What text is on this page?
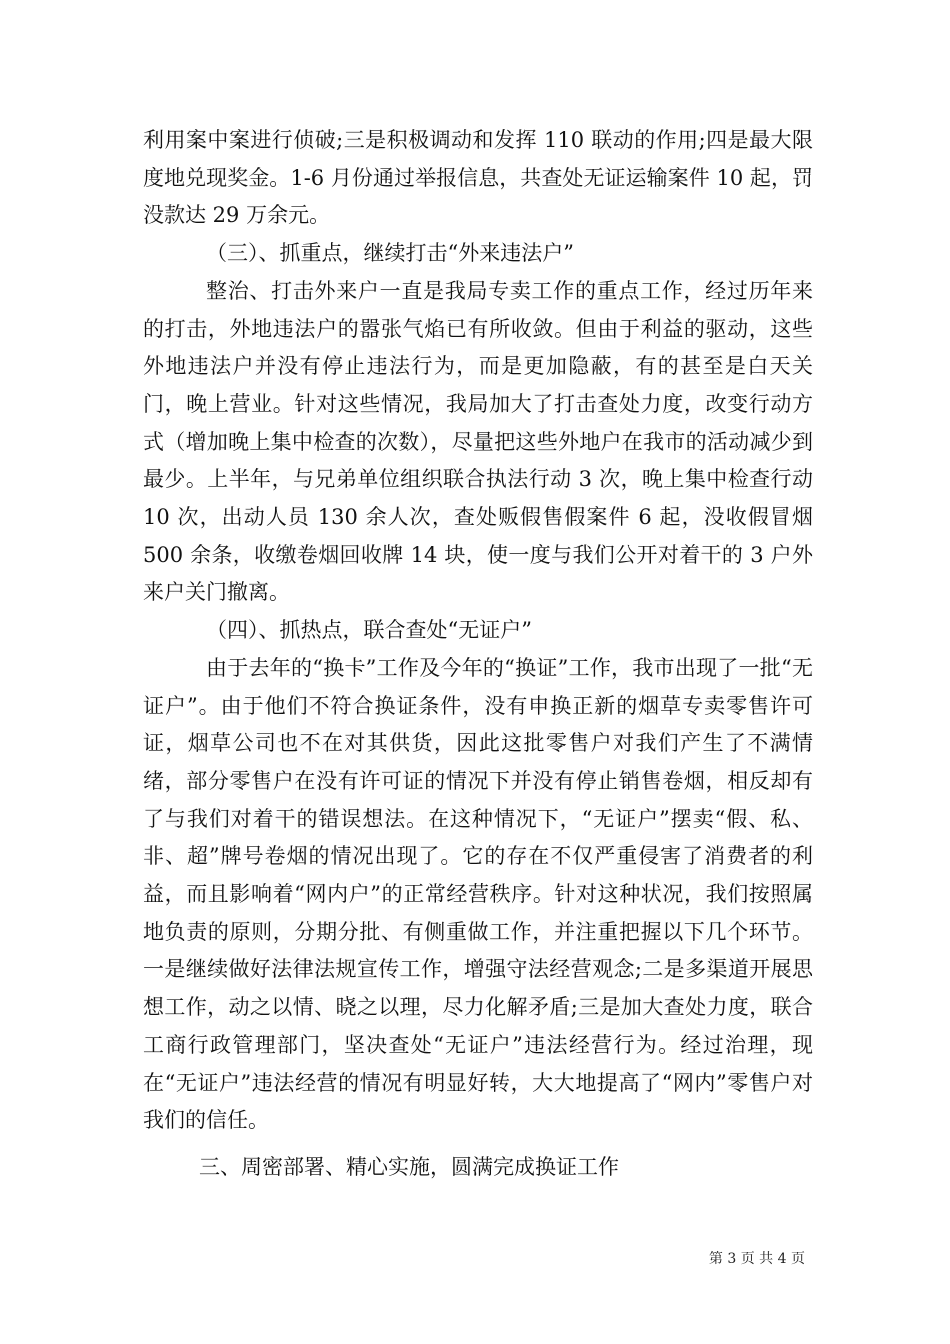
利用案中案进行侦破;三是积极调动和发挥 110 联动的作用;四是最大限度地兑现奖金。1-6 月份通过举报信息，共查处无证运输案件 10 起，罚没款达 29 万余元。

（三）、抓重点，继续打击“外来违法户”

整治、打击外来户一直是我局专卖工作的重点工作，经过历年来的打击，外地违法户的嚣张气焰已有所收敛。但由于利益的驱动，这些外地违法户并没有停止违法行为，而是更加隐蔽，有的甚至是白天关门，晚上营业。针对这些情况，我局加大了打击查处力度，改变行动方式（增加晚上集中检查的次数），尽量把这些外地户在我市的活动减少到最少。上半年，与兄弟单位组织联合执法行动 3 次，晚上集中检查行动 10 次，出动人员 130 余人次，查处贩假售假案件 6 起，没收假冒烟 500 余条，收缴卷烟回收牌 14 块，使一度与我们公开对着干的 3 户外来户关门撤离。

（四）、抓热点，联合查处“无证户”

由于去年的“换卡”工作及今年的“换证”工作，我市出现了一批“无证户”。由于他们不符合换证条件，没有申换正新的烟草专卖零售许可证，烟草公司也不在对其供货，因此这批零售户对我们产生了不满情绪，部分零售户在没有许可证的情况下并没有停止销售卷烟，相反却有了与我们对着干的错误想法。在这种情况下，“无证户”摆卖“假、私、非、超”牌号卷烟的情况出现了。它的存在不仅严重侵害了消费者的利益，而且影响着“网内户”的正常经营秩序。针对这种状况，我们按照属地负责的原则，分期分批、有侧重做工作，并注重把握以下几个环节。一是继续做好法律法规宣传工作，增强守法经营观念;二是多渠道开展思想工作，动之以情、晓之以理，尽力化解矛盾;三是加大查处力度，联合工商行政管理部门，坚决查处“无证户”违法经营行为。经过治理，现在“无证户”违法经营的情况有明显好转，大大地提高了“网内”零售户对我们的信任。

三、周密部署、精心实施，圆满完成换证工作

第 3 页 共 4 页
